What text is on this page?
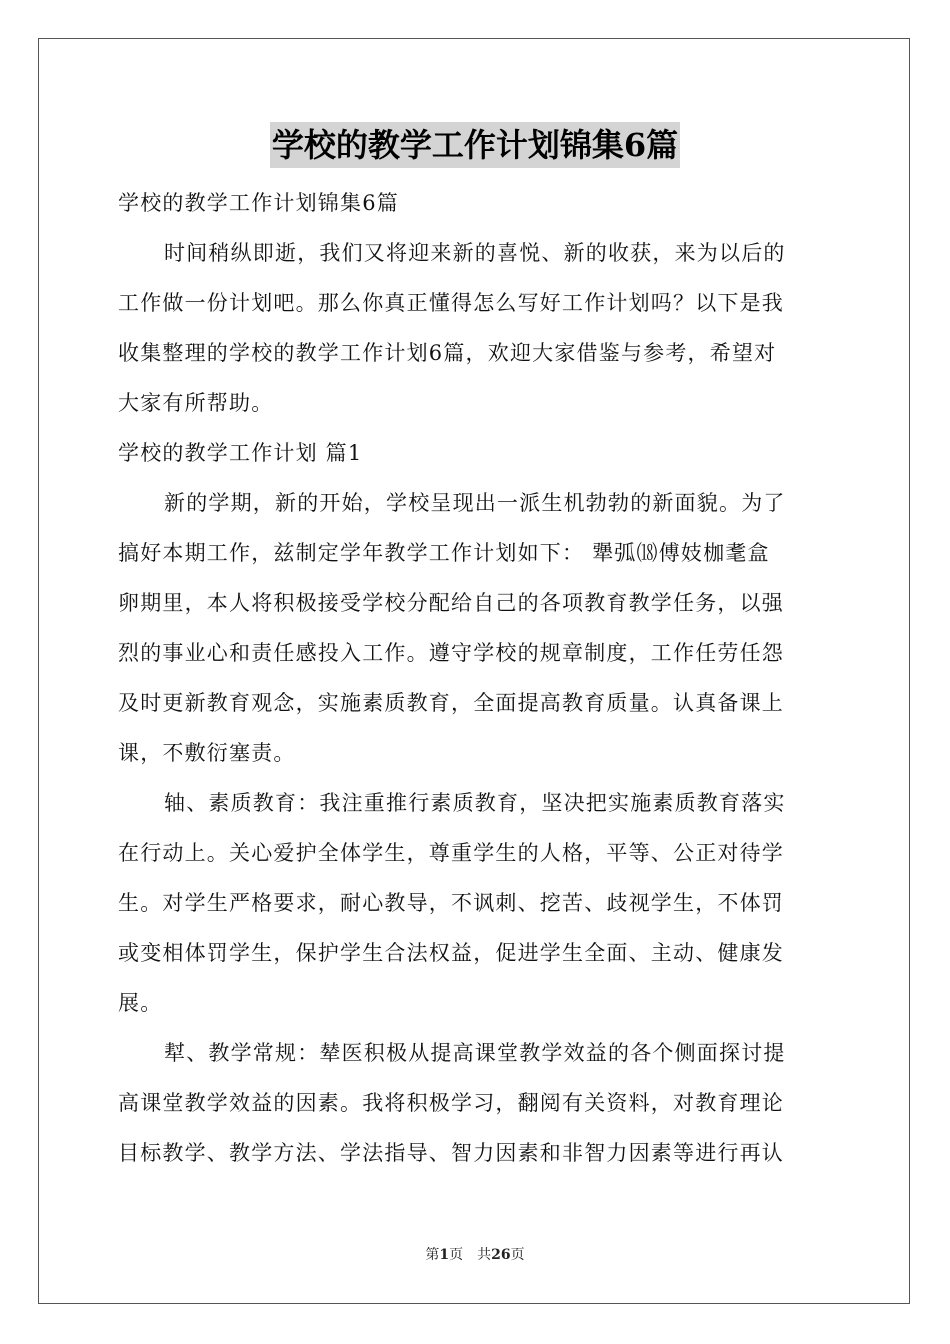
学校的教学工作计划锦集6篇
学校的教学工作计划锦集6篇
时间稍纵即逝，我们又将迎来新的喜悦、新的收获，来为以后的
工作做一份计划吧。那么你真正懂得怎么写好工作计划吗？以下是我
收集整理的学校的教学工作计划6篇，欢迎大家借鉴与参考，希望对
大家有所帮助。
学校的教学工作计划 篇1
新的学期，新的开始，学校呈现出一派生机勃勃的新面貌。为了
搞好本期工作，兹制定学年教学工作计划如下： 犟弧⒅傅妓枷耄盒
卵期里，本人将积极接受学校分配给自己的各项教育教学任务，以强
烈的事业心和责任感投入工作。遵守学校的规章制度，工作任劳任怨
及时更新教育观念，实施素质教育，全面提高教育质量。认真备课上
课，不敷衍塞责。
轴、素质教育：我注重推行素质教育，坚决把实施素质教育落实
在行动上。关心爱护全体学生，尊重学生的人格，平等、公正对待学
生。对学生严格要求，耐心教导，不讽刺、挖苦、歧视学生，不体罚
或变相体罚学生，保护学生合法权益，促进学生全面、主动、健康发
展。
犎、教学常规：辇医积极从提高课堂教学效益的各个侧面探讨提
高课堂教学效益的因素。我将积极学习，翻阅有关资料，对教育理论
目标教学、教学方法、学法指导、智力因素和非智力因素等进行再认
第1页　共26页
